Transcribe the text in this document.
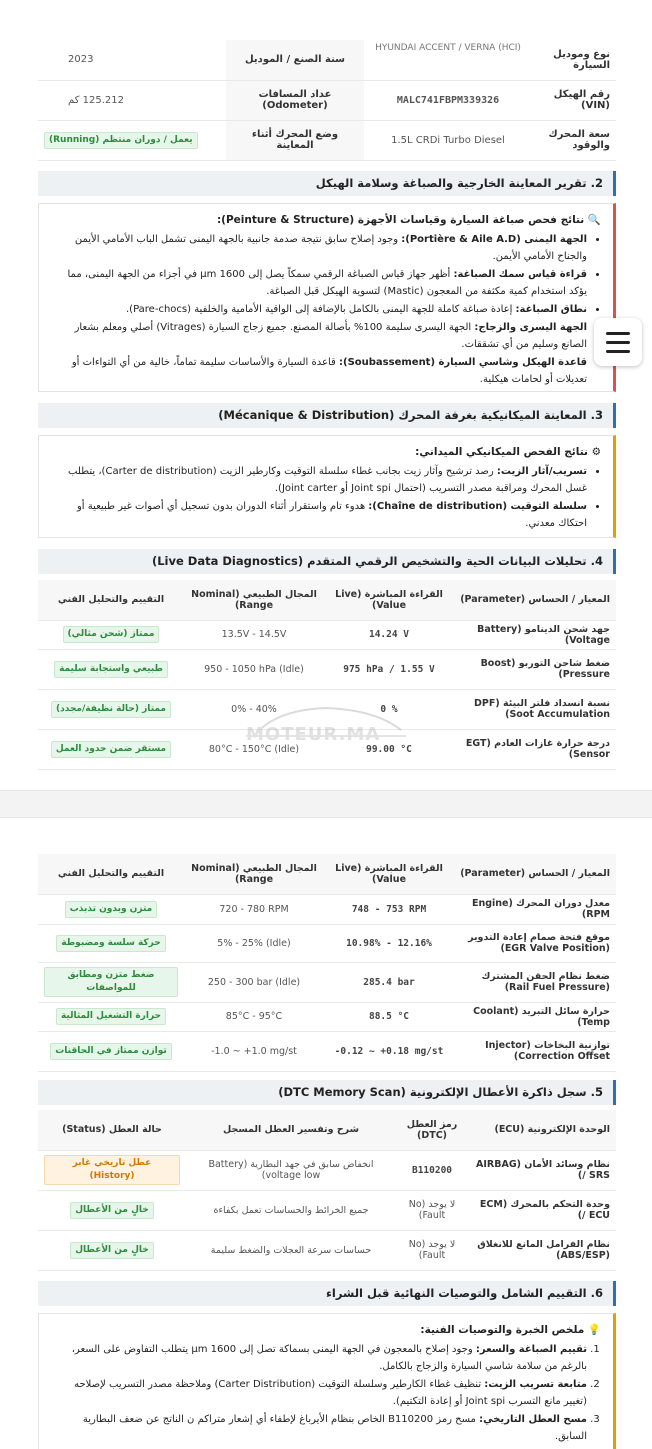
نوع وموديل السيارة	HYUNDAI ACCENT / VERNA (HCI)	سنة الصنع / الموديل	2023
رقم الهيكل (VIN)	MALC741FBPM339326	عداد المسافات (Odometer)	125.212 كم
سعة المحرك والوقود	1.5L CRDi Turbo Diesel	وضع المحرك أثناء المعاينة	يعمل / دوران منتظم (Running)
2. تقرير المعاينة الخارجية والصباغة وسلامة الهيكل
🔍 نتائج فحص صباغة السيارة وقياسات الأجهزة (Peinture & Structure):
• الجهة اليمنى (Portière & Aile A.D): وجود إصلاح سابق نتيجة صدمة جانبية بالجهة اليمنى تشمل الباب الأمامي الأيمن والجناح الأمامي الأيمن.
• قراءة قياس سمك الصباغة: أظهر جهاز قياس الصباغة الرقمي سمكاً يصل إلى 1600 µm في أجزاء من الجهة اليمنى، مما يؤكد استخدام كمية مكثفة من المعجون (Mastic) لتسوية الهيكل قبل الصباغة.
• نطاق الصباغة: إعادة صباغة كاملة للجهة اليمنى بالكامل بالإضافة إلى الواقية الأمامية والخلفية (Pare-chocs).
• الجهة اليسرى والزجاج: الجهة اليسرى سليمة 100% بأصالة المصنع. جميع زجاج السيارة (Vitrages) أصلي ومعلم بشعار الصانع وسليم من أي تشققات.
• قاعدة الهيكل وشاسي السيارة (Soubassement): قاعدة السيارة والأساسات سليمة تماماً، خالية من أي التواءات أو تعديلات أو لحامات هيكلية.
3. المعاينة الميكانيكية بغرفة المحرك (Mécanique & Distribution)
⚙ نتائج الفحص الميكانيكي الميداني:
• تسريب/آثار الزيت: رصد ترشيح وآثار زيت بجانب غطاء سلسلة التوقيت وكارطير الزيت (Carter de distribution)، يتطلب غسل المحرك ومراقبة مصدر التسريب (احتمال Joint spi أو Joint carter).
• سلسلة التوقيت (Chaîne de distribution): هدوء تام واستقرار أثناء الدوران بدون تسجيل أي أصوات غير طبيعية أو احتكاك معدني.
4. تحليلات البيانات الحية والتشخيص الرقمي المتقدم (Live Data Diagnostics)
المعيار / الحساس (Parameter)	القراءة المباشرة (Live Value)	المجال الطبيعي (Nominal Range)	التقييم والتحليل الفني
جهد شحن الدينامو (Battery Voltage)	14.24 V	13.5V - 14.5V	ممتاز (شحن مثالي)
ضغط شاحن التوربو (Boost Pressure)	975 hPa / 1.55 V	950 - 1050 hPa (Idle)	طبيعي واستجابة سليمة
نسبة انسداد فلتر البيئة (DPF Soot Accumulation)	0 %	0% - 40%	ممتاز (حالة نظيفة/مجدد)
درجة حرارة غازات العادم (EGT Sensor)	99.00 °C	80°C - 150°C (Idle)	مستقر ضمن حدود العمل
MOTEUR.MA
المعيار / الحساس (Parameter)	القراءة المباشرة (Live Value)	المجال الطبيعي (Nominal Range)	التقييم والتحليل الفني
معدل دوران المحرك (Engine RPM)	748 - 753 RPM	720 - 780 RPM	متزن وبدون تذبذب
موقع فتحة صمام إعادة التدوير (EGR Valve Position)	10.98% - 12.16%	5% - 25% (Idle)	حركة سلسة ومضبوطة
ضغط نظام الحقن المشترك (Rail Fuel Pressure)	285.4 bar	250 - 300 bar (Idle)	ضغط متزن ومطابق للمواصفات
حرارة سائل التبريد (Coolant Temp)	88.5 °C	85°C - 95°C	حرارة التشغيل المثالية
توازنية البخاخات (Injector Correction Offset)	-0.12 ~ +0.18 mg/st	-1.0 ~ +1.0 mg/st	توازن ممتاز في الحاقنات
5. سجل ذاكرة الأعطال الإلكترونية (DTC Memory Scan)
الوحدة الإلكترونية (ECU)	رمز العطل (DTC)	شرح وتفسير العطل المسجل	حالة العطل (Status)
نظام وسائد الأمان (AIRBAG / SRS)	B110200	انخفاض سابق في جهد البطارية (Battery voltage low)	عطل تاريخي غابر (History)
وحدة التحكم بالمحرك (ECM / ECU)	لا يوجد (No Fault)	جميع الخرائط والحساسات تعمل بكفاءة	خالٍ من الأعطال
نظام الفرامل المانع للانغلاق (ABS/ESP)	لا يوجد (No Fault)	حساسات سرعة العجلات والضغط سليمة	خالٍ من الأعطال
6. التقييم الشامل والتوصيات النهائية قبل الشراء
💡 ملخص الخبرة والتوصيات الفنية:
1. تقييم الصباغة والسعر: وجود إصلاح بالمعجون في الجهة اليمنى بسماكة تصل إلى 1600 µm يتطلب التفاوض على السعر، بالرغم من سلامة شاسي السيارة والزجاج بالكامل.
2. متابعة تسريب الزيت: تنظيف غطاء الكارطير وسلسلة التوقيت (Carter Distribution) وملاحظة مصدر التسريب لإصلاحه (تغيير مانع التسرب Joint spi أو إعادة التكتيم).
3. مسح العطل التاريخي: مسح رمز B110200 الخاص بنظام الأيرباغ لإطفاء أي إشعار متراكم ن الناتج عن ضعف البطارية السابق.
